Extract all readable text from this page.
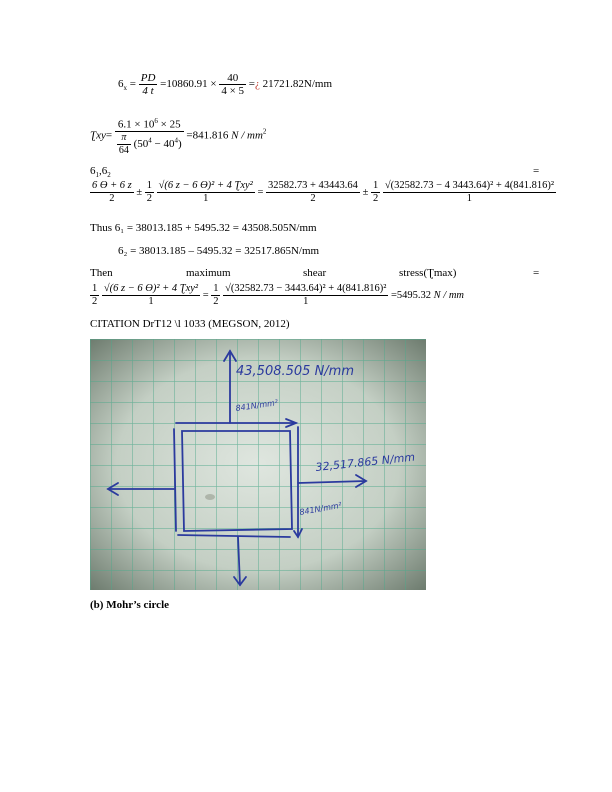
$6_x = \frac{PD}{4 t} =10860.91 \times \frac{40}{4 \times 5}$ =¿ 21721.82N/mm
Ʈxy= $\frac{6.1 \times 10^6 \times 25}{\frac{\pi}{64} (50^4 - 40^4)} =841.816$ N / $mm^2$
$6_1,6_2$	=
$\frac{6 Ө + 6 z}{2} \pm \frac{1}{2}$
$\frac{\text{√(6 z − 6 Ө)² + 4 Ʈxy²}}{1} = \frac{32582.73 + 43443.64}{2} \pm \frac{1}{2}$
$\frac{\text{√(32582.73 − 4 3443.64)² + 4(841.816)²}}{1}$
Thus 6₁ = 38013.185 + 5495.32 = 43508.505N/mm
6₂ = 38013.185 – 5495.32 = 32517.865N/mm
Then	maximum	shear	stress(Ʈmax)	=
$\frac{1}{2}$
$\frac{\text{√(6 z − 6 Ө)² + 4 Ʈxy²}}{1} = \frac{1}{2}$
$\frac{\text{√(32582.73 − 3443.64)² + 4(841.816)²}}{1} =5495.32$ N / mm
CITATION DrT12 \l 1033 (MEGSON, 2012)
43,508.505 N/mm
32,517.865 N/mm
841N/mm²
841N/mm²
(b) Mohr’s circle
